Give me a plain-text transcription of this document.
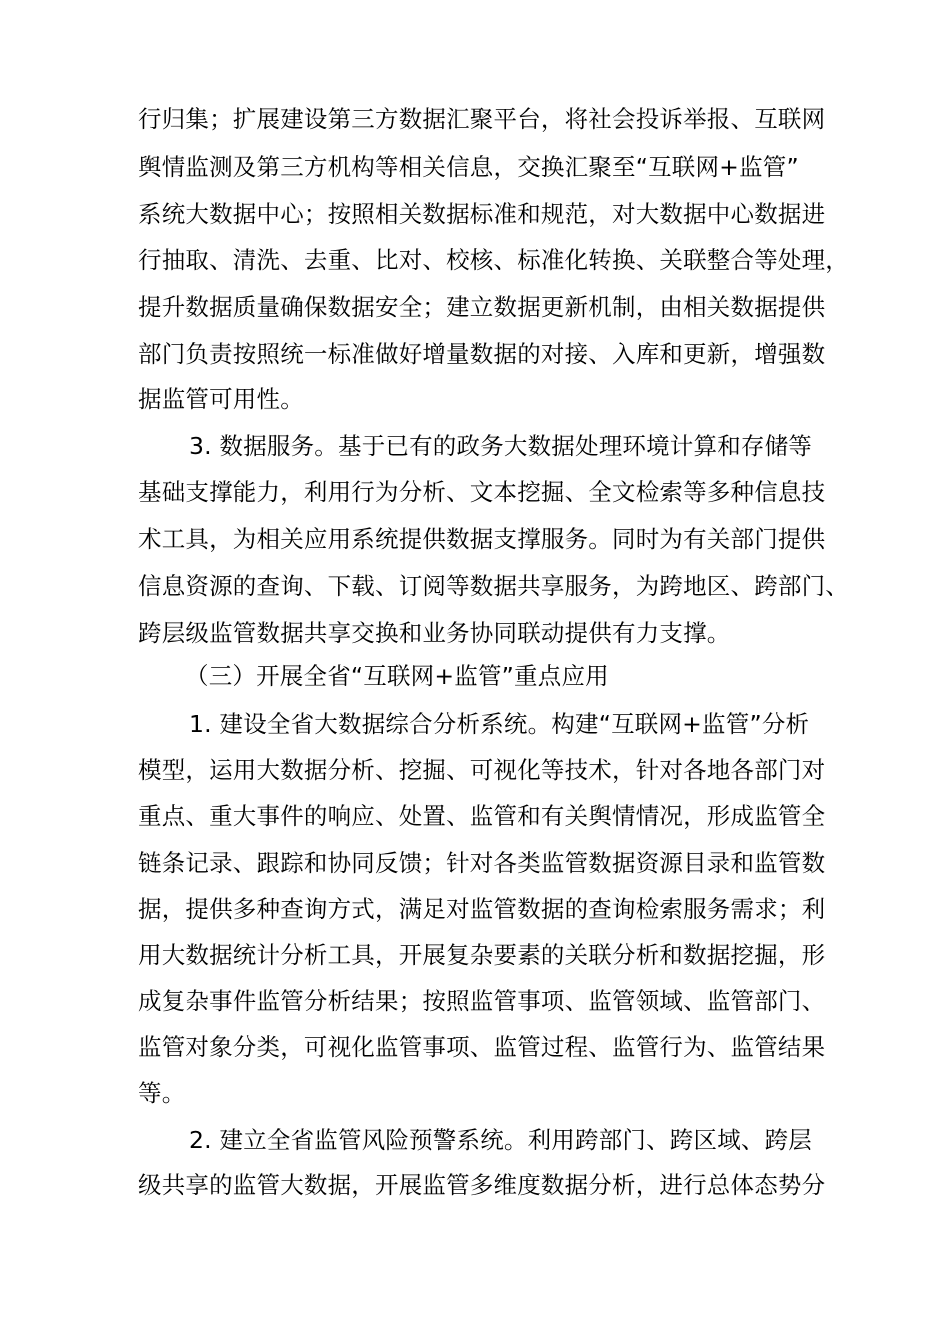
行归集；扩展建设第三方数据汇聚平台，将社会投诉举报、互联网
舆情监测及第三方机构等相关信息，交换汇聚至“互联网+监管”
系统大数据中心；按照相关数据标准和规范，对大数据中心数据进
行抽取、清洗、去重、比对、校核、标准化转换、关联整合等处理，
提升数据质量确保数据安全；建立数据更新机制，由相关数据提供
部门负责按照统一标准做好增量数据的对接、入库和更新，增强数
据监管可用性。
3. 数据服务。基于已有的政务大数据处理环境计算和存储等
基础支撑能力，利用行为分析、文本挖掘、全文检索等多种信息技
术工具，为相关应用系统提供数据支撑服务。同时为有关部门提供
信息资源的查询、下载、订阅等数据共享服务，为跨地区、跨部门、
跨层级监管数据共享交换和业务协同联动提供有力支撑。
（三）开展全省“互联网+监管”重点应用
1. 建设全省大数据综合分析系统。构建“互联网+监管”分析
模型，运用大数据分析、挖掘、可视化等技术，针对各地各部门对
重点、重大事件的响应、处置、监管和有关舆情情况，形成监管全
链条记录、跟踪和协同反馈；针对各类监管数据资源目录和监管数
据，提供多种查询方式，满足对监管数据的查询检索服务需求；利
用大数据统计分析工具，开展复杂要素的关联分析和数据挖掘，形
成复杂事件监管分析结果；按照监管事项、监管领域、监管部门、
监管对象分类，可视化监管事项、监管过程、监管行为、监管结果
等。
2. 建立全省监管风险预警系统。利用跨部门、跨区域、跨层
级共享的监管大数据，开展监管多维度数据分析，进行总体态势分
